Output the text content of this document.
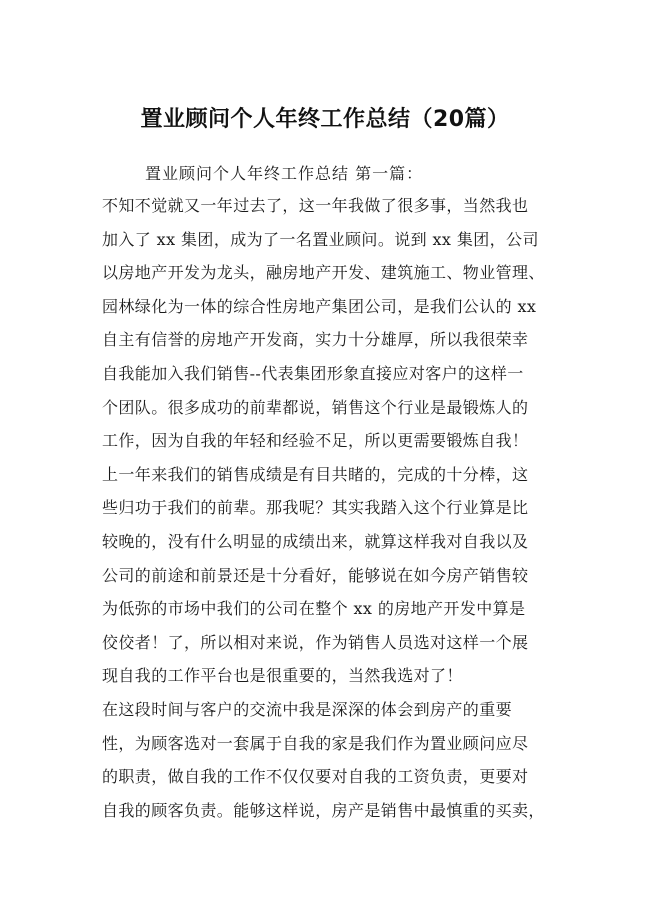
置业顾问个人年终工作总结（20篇）
置业顾问个人年终工作总结 第一篇：
不知不觉就又一年过去了，这一年我做了很多事，当然我也
加入了 xx 集团，成为了一名置业顾问。说到 xx 集团，公司
以房地产开发为龙头，融房地产开发、建筑施工、物业管理、
园林绿化为一体的综合性房地产集团公司，是我们公认的 xx
自主有信誉的房地产开发商，实力十分雄厚，所以我很荣幸
自我能加入我们销售--代表集团形象直接应对客户的这样一
个团队。很多成功的前辈都说，销售这个行业是最锻炼人的
工作，因为自我的年轻和经验不足，所以更需要锻炼自我！
上一年来我们的销售成绩是有目共睹的，完成的十分棒，这
些归功于我们的前辈。那我呢？其实我踏入这个行业算是比
较晚的，没有什么明显的成绩出来，就算这样我对自我以及
公司的前途和前景还是十分看好，能够说在如今房产销售较
为低弥的市场中我们的公司在整个 xx 的房地产开发中算是
佼佼者！了，所以相对来说，作为销售人员选对这样一个展
现自我的工作平台也是很重要的，当然我选对了！
在这段时间与客户的交流中我是深深的体会到房产的重要
性，为顾客选对一套属于自我的家是我们作为置业顾问应尽
的职责，做自我的工作不仅仅要对自我的工资负责，更要对
自我的顾客负责。能够这样说，房产是销售中最慎重的买卖，
